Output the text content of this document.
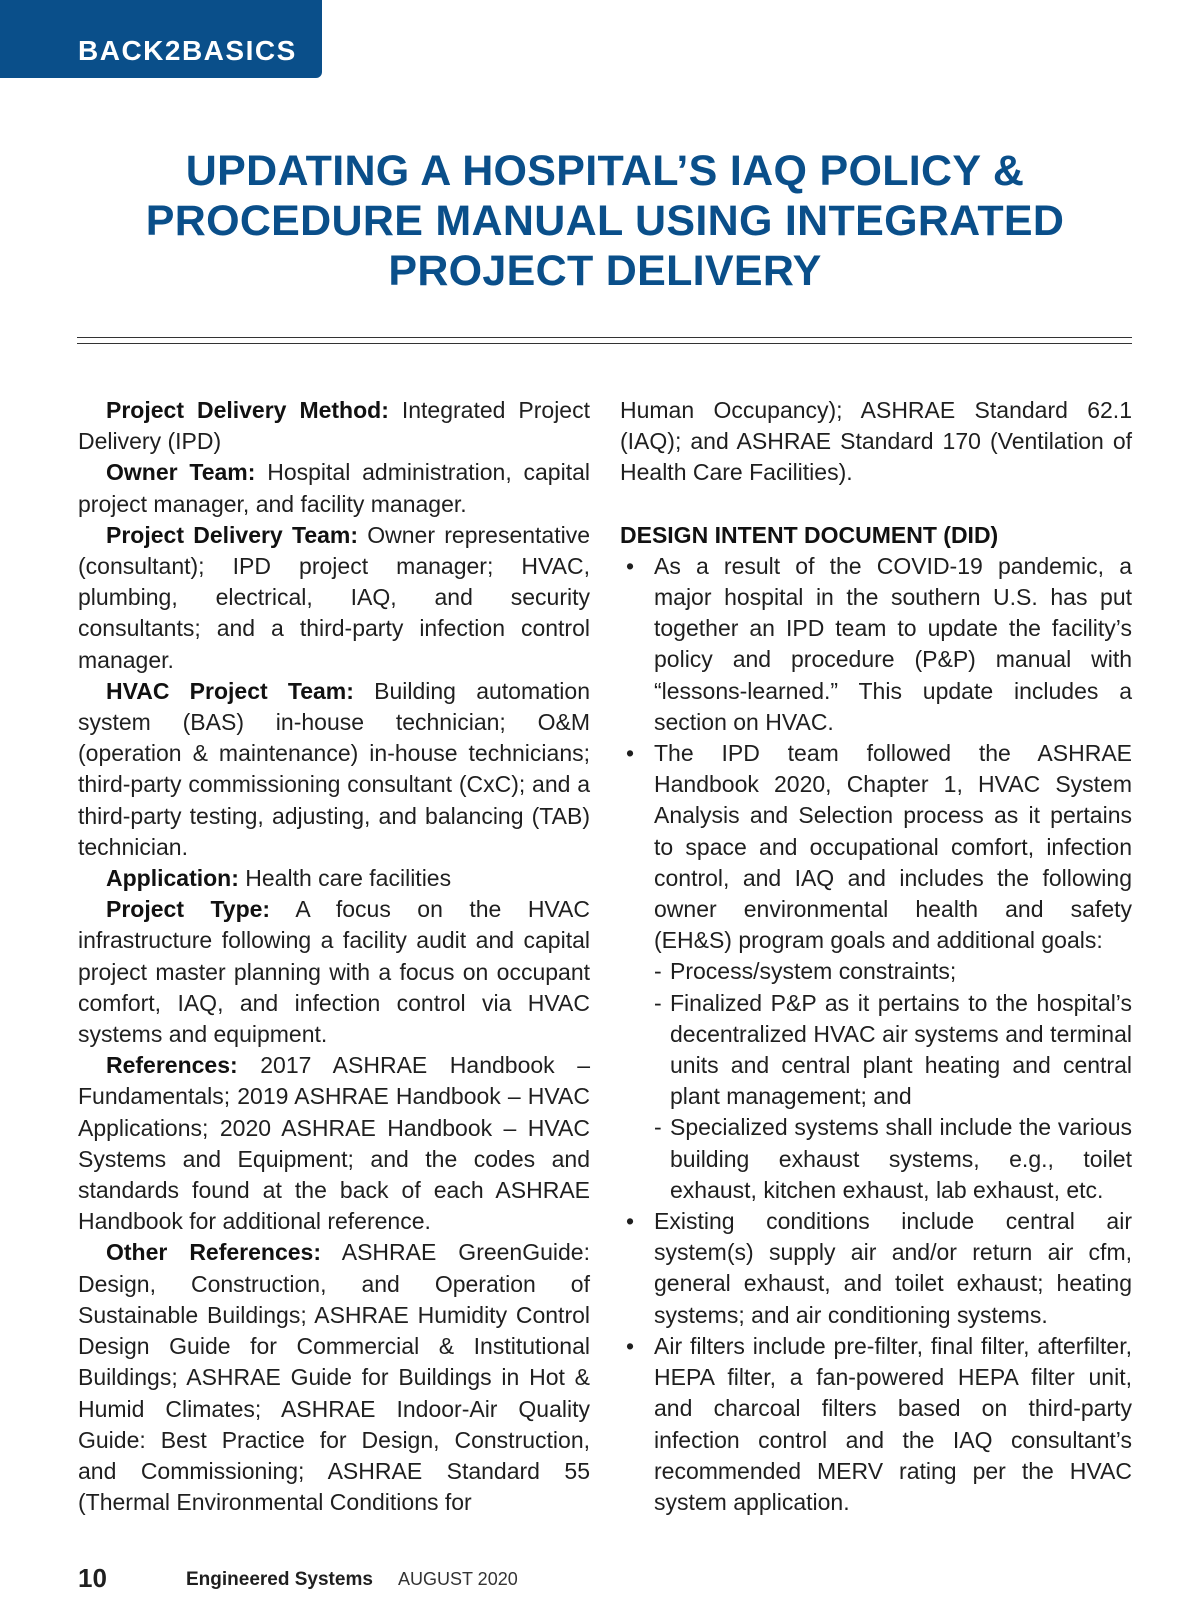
BACK2BASICS
UPDATING A HOSPITAL’S IAQ POLICY & PROCEDURE MANUAL USING INTEGRATED PROJECT DELIVERY

Project Delivery Method: Integrated Project Delivery (IPD)

Owner Team: Hospital administration, capital project manager, and facility manager.

Project Delivery Team: Owner representative (consultant); IPD project manager; HVAC, plumbing, electrical, IAQ, and security consultants; and a third-party infection control manager.

HVAC Project Team: Building automation system (BAS) in-house technician; O&M (operation & maintenance) in-house technicians; third-party commissioning consultant (CxC); and a third-party testing, adjusting, and balancing (TAB) technician.

Application: Health care facilities

Project Type: A focus on the HVAC infrastructure following a facility audit and capital project master planning with a focus on occupant comfort, IAQ, and infection control via HVAC systems and equipment.

References: 2017 ASHRAE Handbook – Fundamentals; 2019 ASHRAE Handbook – HVAC Applications; 2020 ASHRAE Handbook – HVAC Systems and Equipment; and the codes and standards found at the back of each ASHRAE Handbook for additional reference.

Other References: ASHRAE GreenGuide: Design, Construction, and Operation of Sustainable Buildings; ASHRAE Humidity Control Design Guide for Commercial & Institutional Buildings; ASHRAE Guide for Buildings in Hot & Humid Climates; ASHRAE Indoor-Air Quality Guide: Best Practice for Design, Construction, and Commissioning; ASHRAE Standard 55 (Thermal Environmental Conditions for

Human Occupancy); ASHRAE Standard 62.1 (IAQ); and ASHRAE Standard 170 (Ventilation of Health Care Facilities).

DESIGN INTENT DOCUMENT (DID)

• As a result of the COVID-19 pandemic, a major hospital in the southern U.S. has put together an IPD team to update the facility’s policy and procedure (P&P) manual with “lessons-learned.” This update includes a section on HVAC.
• The IPD team followed the ASHRAE Handbook 2020, Chapter 1, HVAC System Analysis and Selection process as it pertains to space and occupational comfort, infection control, and IAQ and includes the following owner environmental health and safety (EH&S) program goals and additional goals:
- Process/system constraints;
- Finalized P&P as it pertains to the hospital’s decentralized HVAC air systems and terminal units and central plant heating and central plant management; and
- Specialized systems shall include the various building exhaust systems, e.g., toilet exhaust, kitchen exhaust, lab exhaust, etc.
• Existing conditions include central air system(s) supply air and/or return air cfm, general exhaust, and toilet exhaust; heating systems; and air conditioning systems.
• Air filters include pre-filter, final filter, afterfilter, HEPA filter, a fan-powered HEPA filter unit, and charcoal filters based on third-party infection control and the IAQ consultant’s recommended MERV rating per the HVAC system application.
10	Engineered Systems AUGUST 2020
